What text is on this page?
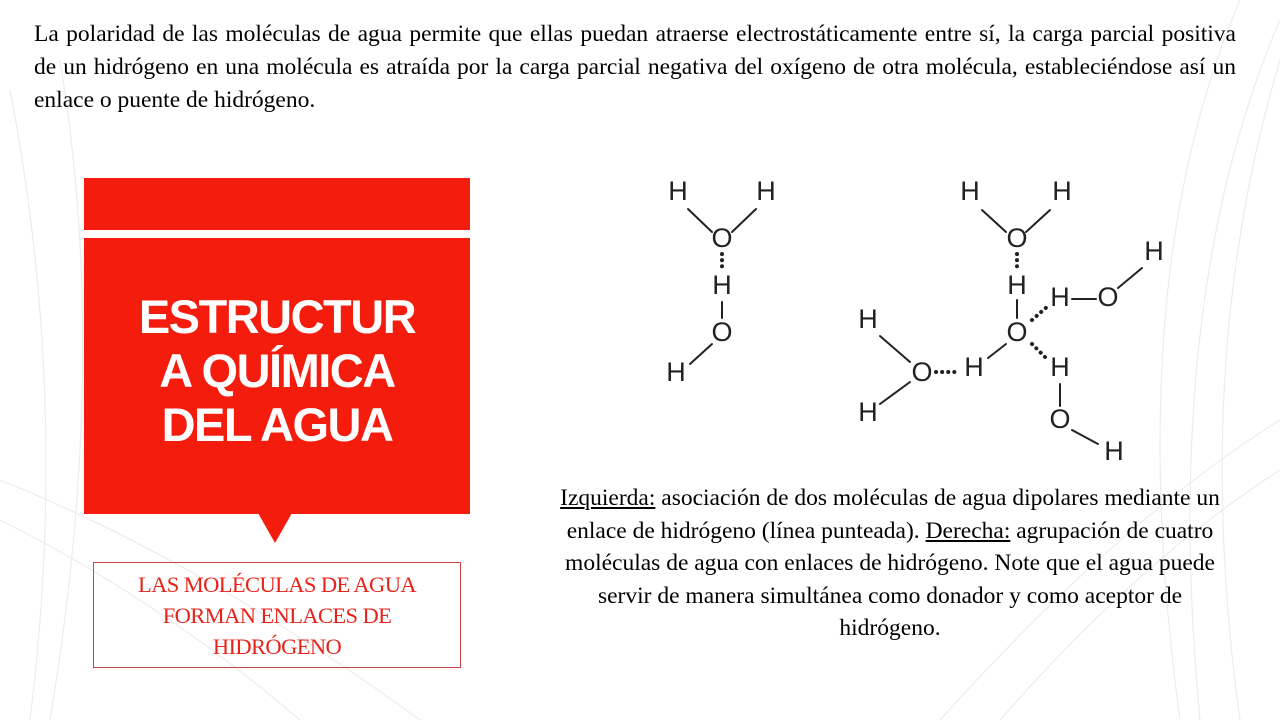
La polaridad de las moléculas de agua permite que ellas puedan atraerse electrostáticamente entre sí, la carga parcial positiva de un hidrógeno en una molécula es atraída por la carga parcial negativa del oxígeno de otra molécula, estableciéndose así un enlace o puente de hidrógeno.

ESTRUCTUR
A QUÍMICA
DEL AGUA

LAS MOLÉCULAS DE AGUA
FORMAN ENLACES DE
HIDRÓGENO

H	H
O
H
O
H
H	H
O
H
O
H O
H
H
O H
H
H
O
H

Izquierda: asociación de dos moléculas de agua dipolares mediante un enlace de hidrógeno (línea punteada). Derecha: agrupación de cuatro moléculas de agua con enlaces de hidrógeno. Note que el agua puede servir de manera simultánea como donador y como aceptor de hidrógeno.
